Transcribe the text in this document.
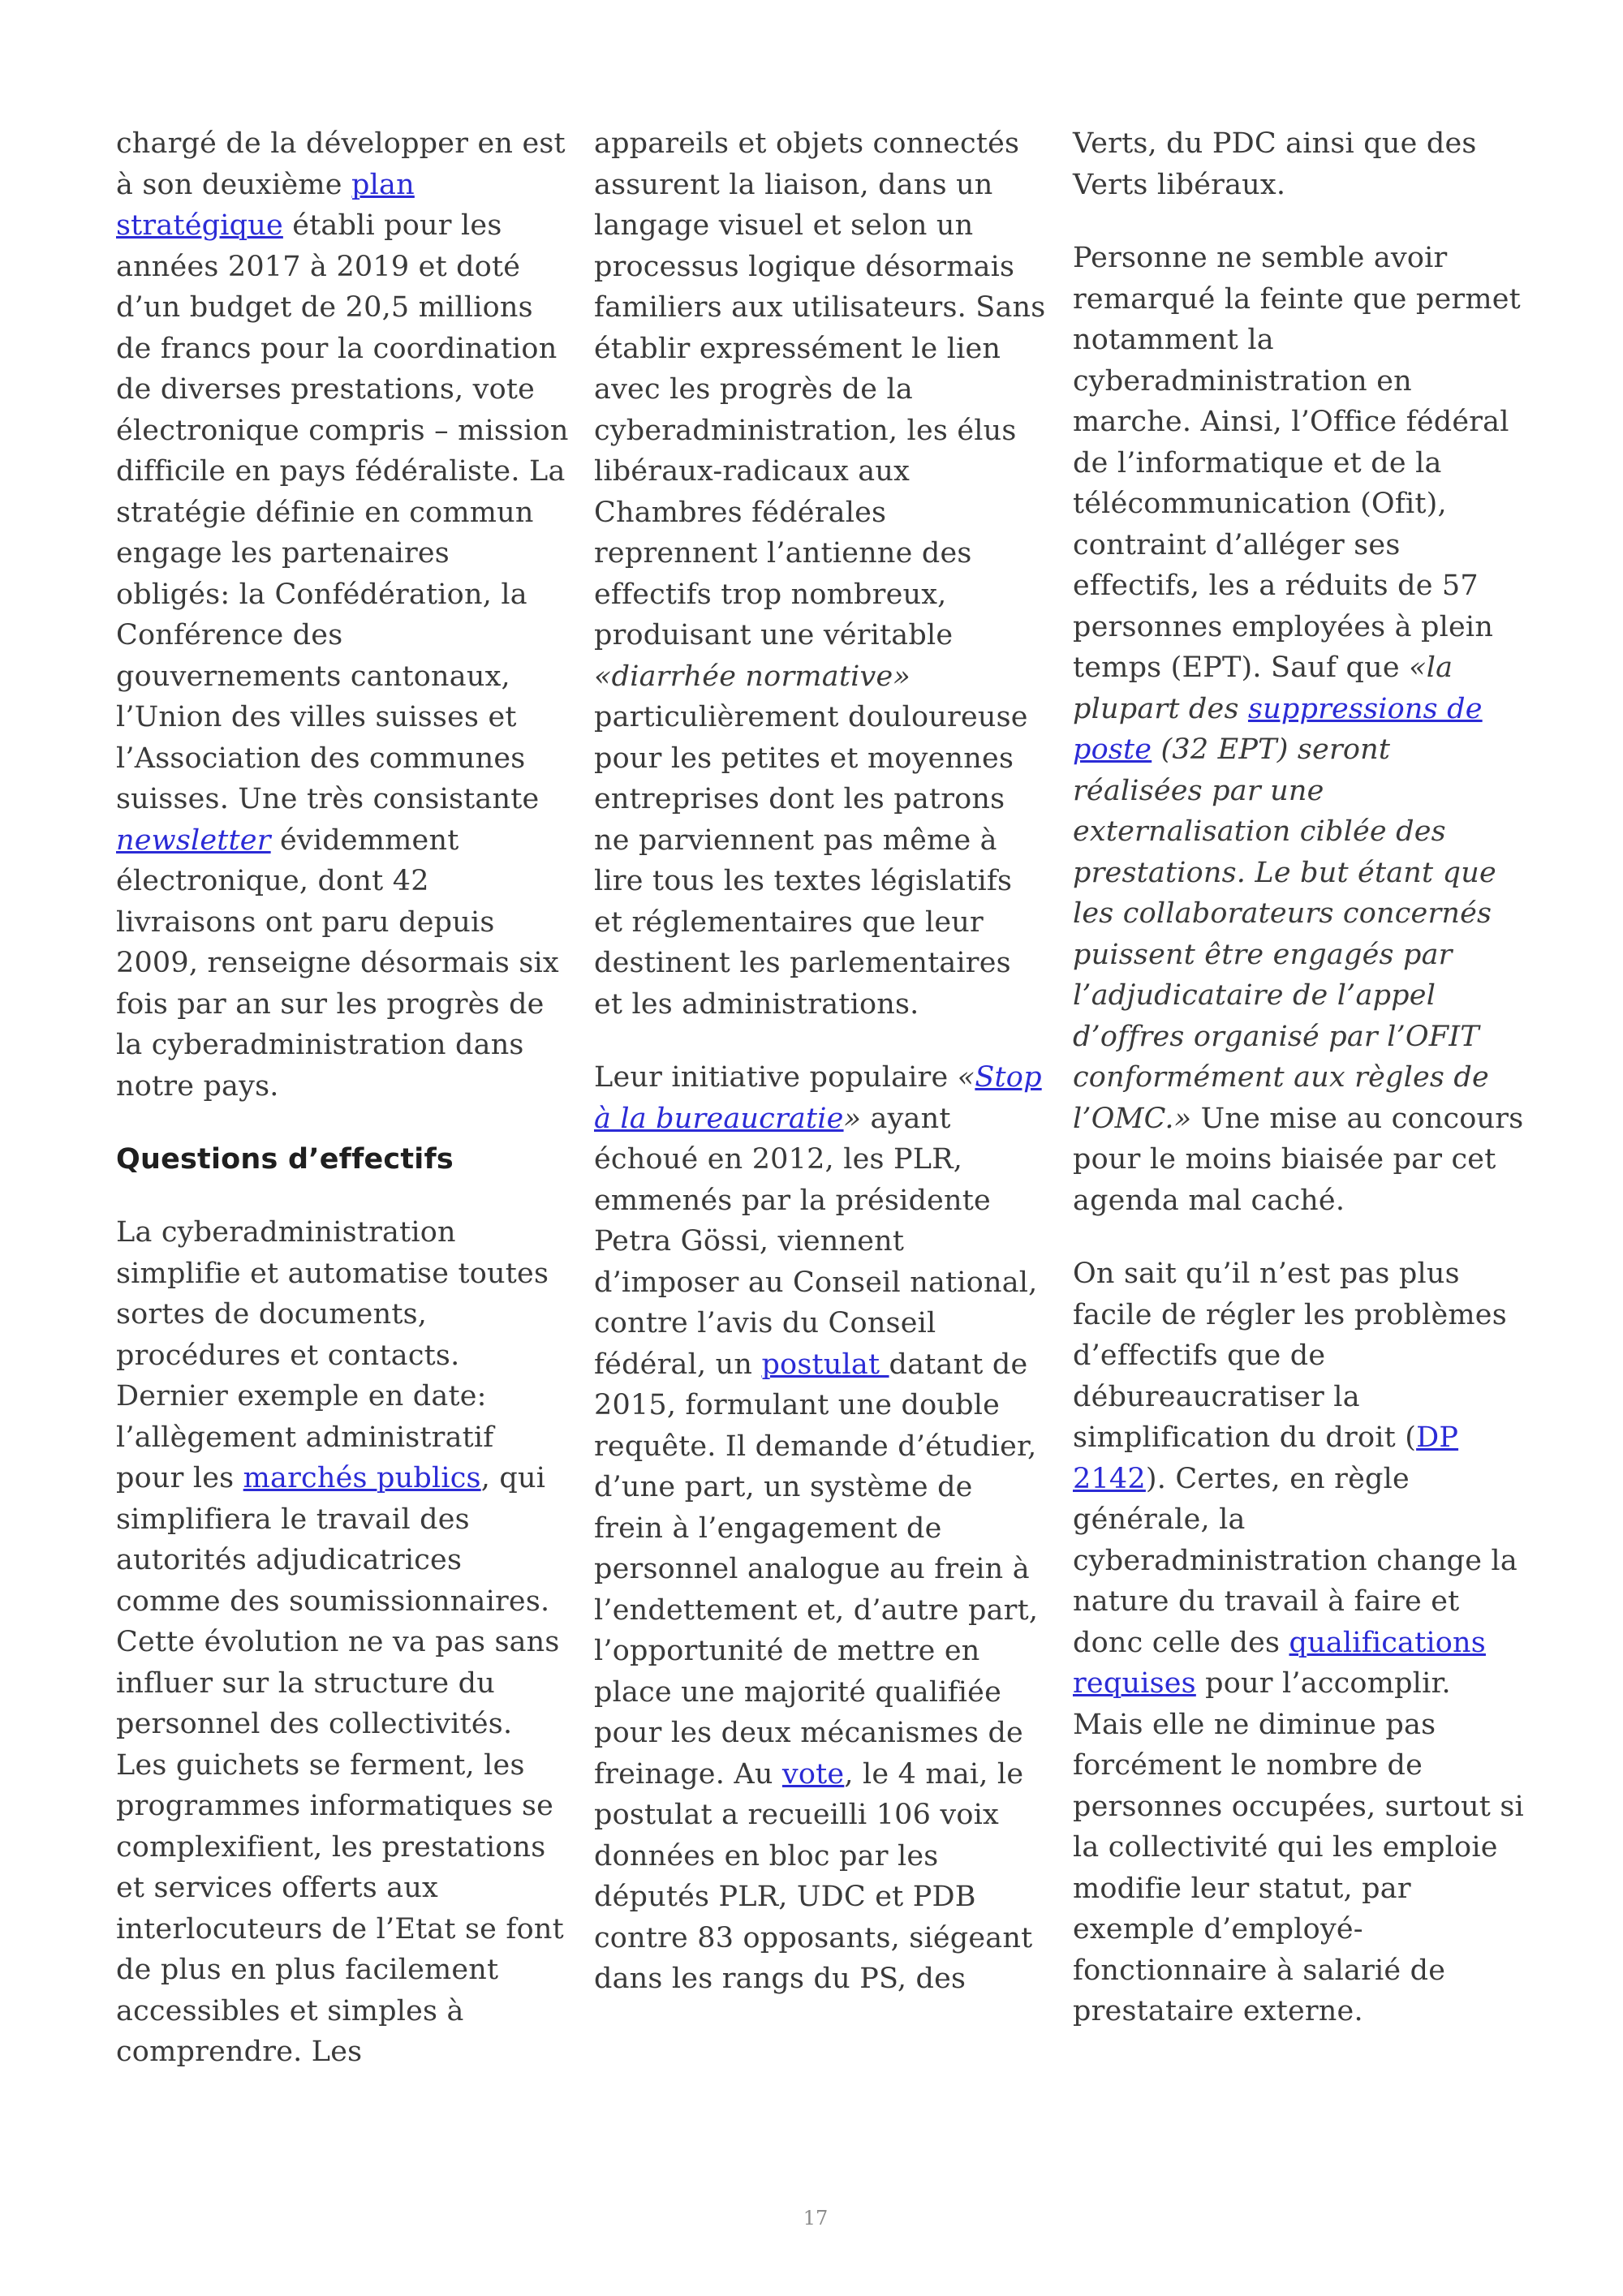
chargé de la développer en est à son deuxième plan stratégique établi pour les années 2017 à 2019 et doté d’un budget de 20,5 millions de francs pour la coordination de diverses prestations, vote électronique compris – mission difficile en pays fédéraliste. La stratégie définie en commun engage les partenaires obligés: la Confédération, la Conférence des gouvernements cantonaux, l’Union des villes suisses et l’Association des communes suisses. Une très consistante newsletter évidemment électronique, dont 42 livraisons ont paru depuis 2009, renseigne désormais six fois par an sur les progrès de la cyberadministration dans notre pays.

Questions d’effectifs

La cyberadministration simplifie et automatise toutes sortes de documents, procédures et contacts. Dernier exemple en date: l’allègement administratif pour les marchés publics, qui simplifiera le travail des autorités adjudicatrices comme des soumissionnaires. Cette évolution ne va pas sans influer sur la structure du personnel des collectivités. Les guichets se ferment, les programmes informatiques se complexifient, les prestations et services offerts aux interlocuteurs de l’Etat se font de plus en plus facilement accessibles et simples à comprendre. Les

appareils et objets connectés assurent la liaison, dans un langage visuel et selon un processus logique désormais familiers aux utilisateurs. Sans établir expressément le lien avec les progrès de la cyberadministration, les élus libéraux-radicaux aux Chambres fédérales reprennent l’antienne des effectifs trop nombreux, produisant une véritable «diarrhée normative» particulièrement douloureuse pour les petites et moyennes entreprises dont les patrons ne parviennent pas même à lire tous les textes législatifs et réglementaires que leur destinent les parlementaires et les administrations.

Leur initiative populaire «Stop à la bureaucratie» ayant échoué en 2012, les PLR, emmenés par la présidente Petra Gössi, viennent d’imposer au Conseil national, contre l’avis du Conseil fédéral, un postulat datant de 2015, formulant une double requête. Il demande d’étudier, d’une part, un système de frein à l’engagement de personnel analogue au frein à l’endettement et, d’autre part, l’opportunité de mettre en place une majorité qualifiée pour les deux mécanismes de freinage. Au vote, le 4 mai, le postulat a recueilli 106 voix données en bloc par les députés PLR, UDC et PDB contre 83 opposants, siégeant dans les rangs du PS, des

Verts, du PDC ainsi que des Verts libéraux.

Personne ne semble avoir remarqué la feinte que permet notamment la cyberadministration en marche. Ainsi, l’Office fédéral de l’informatique et de la télécommunication (Ofit), contraint d’alléger ses effectifs, les a réduits de 57 personnes employées à plein temps (EPT). Sauf que «la plupart des suppressions de poste (32 EPT) seront réalisées par une externalisation ciblée des prestations. Le but étant que les collaborateurs concernés puissent être engagés par l’adjudicataire de l’appel d’offres organisé par l’OFIT conformément aux règles de l’OMC.» Une mise au concours pour le moins biaisée par cet agenda mal caché.

On sait qu’il n’est pas plus facile de régler les problèmes d’effectifs que de débureaucratiser la simplification du droit (DP 2142). Certes, en règle générale, la cyberadministration change la nature du travail à faire et donc celle des qualifications requises pour l’accomplir. Mais elle ne diminue pas forcément le nombre de personnes occupées, surtout si la collectivité qui les emploie modifie leur statut, par exemple d’employé-fonctionnaire à salarié de prestataire externe.

17
